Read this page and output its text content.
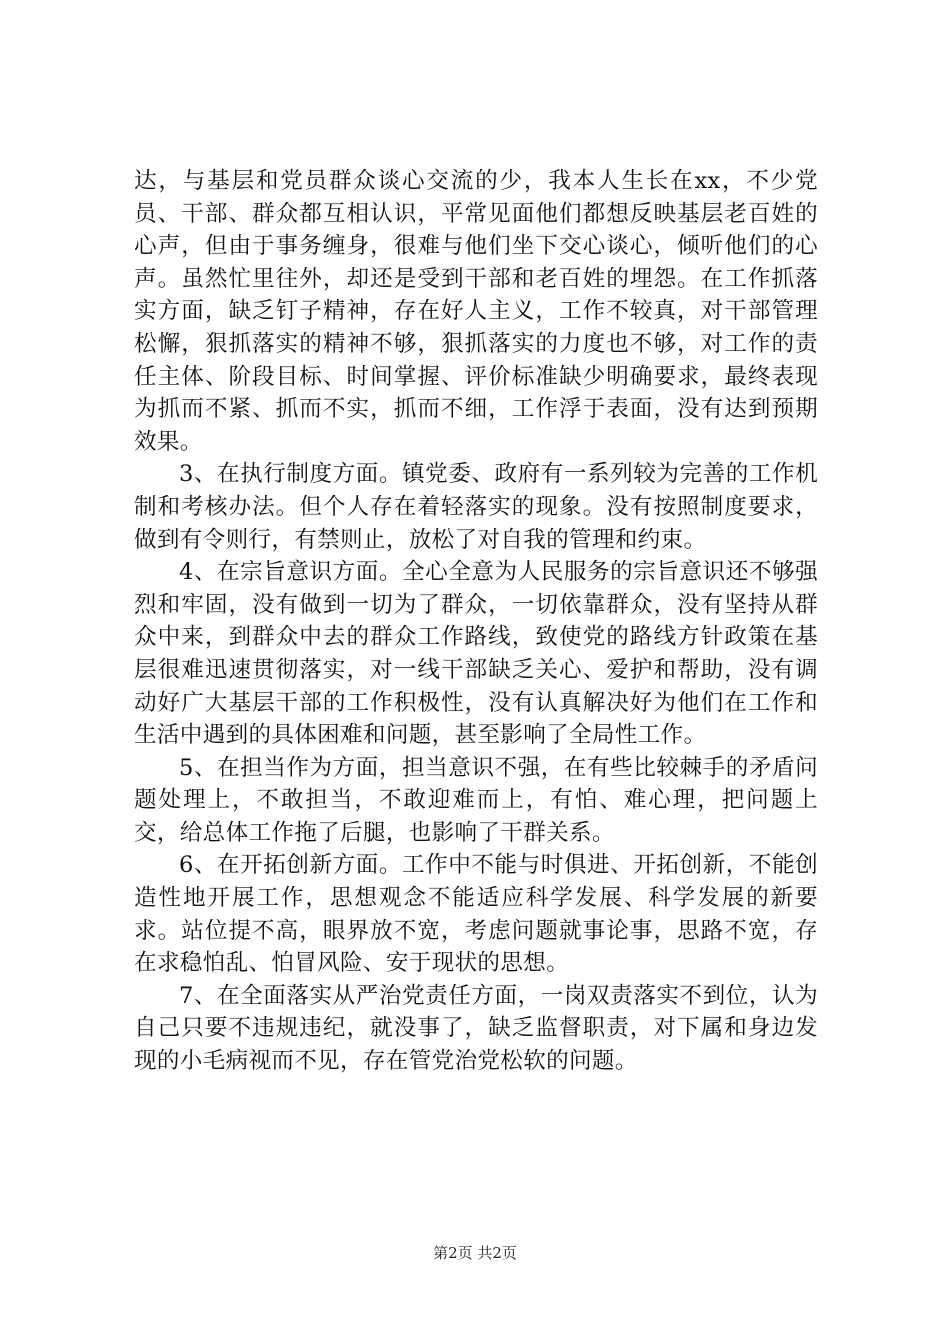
达，与基层和党员群众谈心交流的少，我本人生长在xx，不少党员、干部、群众都互相认识，平常见面他们都想反映基层老百姓的心声，但由于事务缠身，很难与他们坐下交心谈心，倾听他们的心声。虽然忙里往外，却还是受到干部和老百姓的埋怨。在工作抓落实方面，缺乏钉子精神，存在好人主义，工作不较真，对干部管理松懈，狠抓落实的精神不够，狠抓落实的力度也不够，对工作的责任主体、阶段目标、时间掌握、评价标准缺少明确要求，最终表现为抓而不紧、抓而不实，抓而不细，工作浮于表面，没有达到预期效果。

3、在执行制度方面。镇党委、政府有一系列较为完善的工作机制和考核办法。但个人存在着轻落实的现象。没有按照制度要求，做到有令则行，有禁则止，放松了对自我的管理和约束。

4、在宗旨意识方面。全心全意为人民服务的宗旨意识还不够强烈和牢固，没有做到一切为了群众，一切依靠群众，没有坚持从群众中来，到群众中去的群众工作路线，致使党的路线方针政策在基层很难迅速贯彻落实，对一线干部缺乏关心、爱护和帮助，没有调动好广大基层干部的工作积极性，没有认真解决好为他们在工作和生活中遇到的具体困难和问题，甚至影响了全局性工作。

5、在担当作为方面，担当意识不强，在有些比较棘手的矛盾问题处理上，不敢担当，不敢迎难而上，有怕、难心理，把问题上交，给总体工作拖了后腿，也影响了干群关系。

6、在开拓创新方面。工作中不能与时俱进、开拓创新，不能创造性地开展工作，思想观念不能适应科学发展、科学发展的新要求。站位提不高，眼界放不宽，考虑问题就事论事，思路不宽，存在求稳怕乱、怕冒风险、安于现状的思想。

7、在全面落实从严治党责任方面，一岗双责落实不到位，认为自己只要不违规违纪，就没事了，缺乏监督职责，对下属和身边发现的小毛病视而不见，存在管党治党松软的问题。

第2页 共2页
